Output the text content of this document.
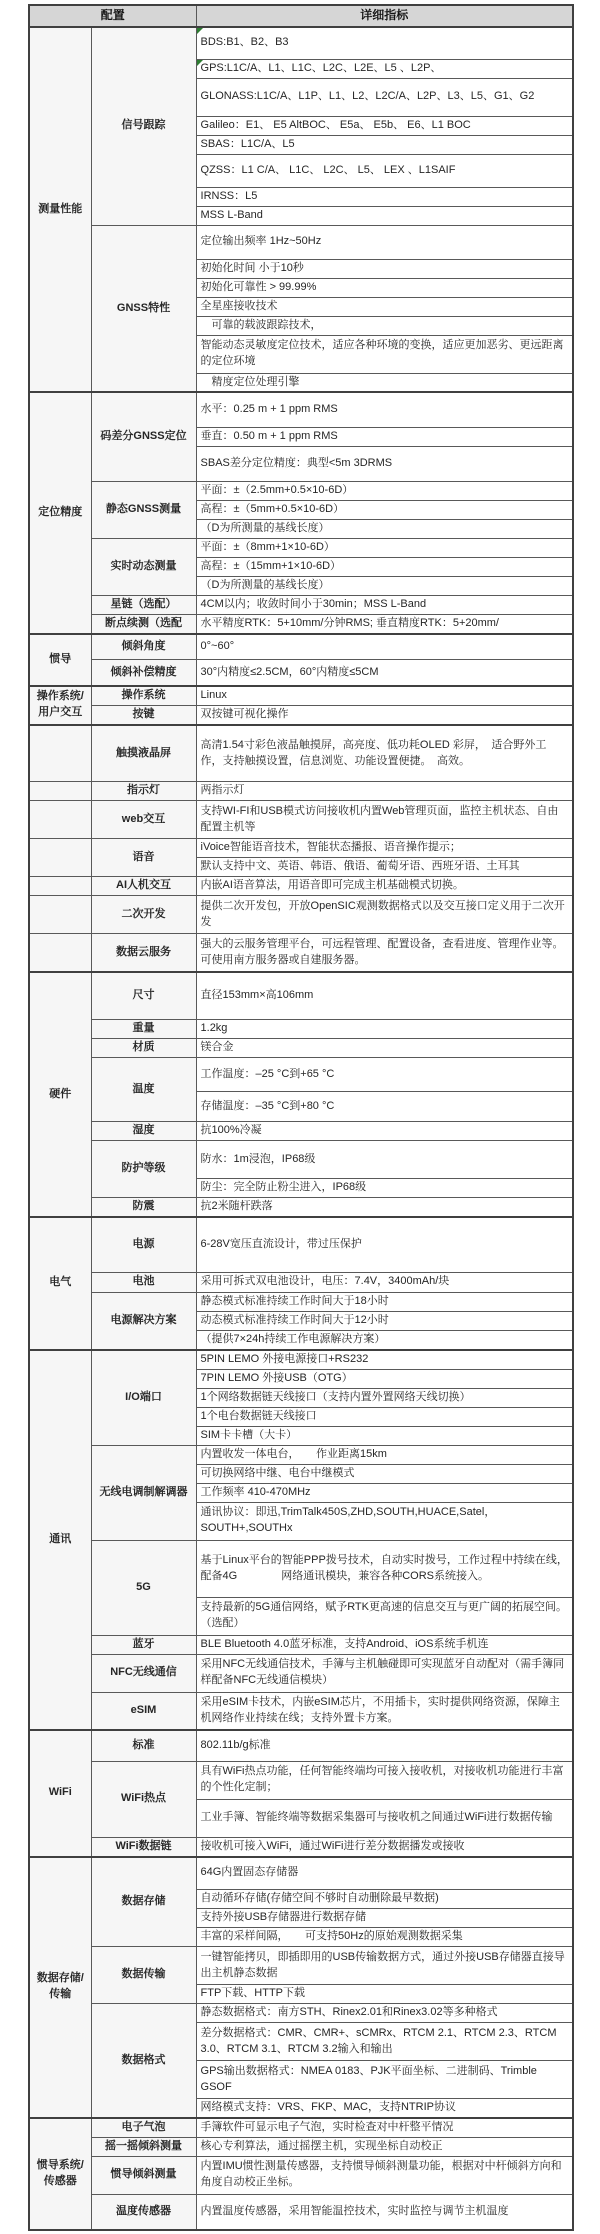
配置		详细指标
测量性能	信号跟踪	BDS:B1、B2、B3
		GPS:L1C/A、L1、L1C、L2C、L2E、L5 、L2P、
		GLONASS:L1C/A、L1P、L1、L2、L2C/A、L2P、L3、L5、G1、G2
		Galileo：E1、 E5 AltBOC、 E5a、 E5b、 E6、L1 BOC
		SBAS：L1C/A、L5
		QZSS：L1 C/A、 L1C、 L2C、 L5、 LEX 、L1SAIF
		IRNSS：L5
		MSS L-Band
	GNSS特性	定位输出频率 1Hz~50Hz
		初始化时间 小于10秒
		初始化可靠性 > 99.99%
		全星座接收技术
		　可靠的载波跟踪技术，
		智能动态灵敏度定位技术，适应各种环境的变换，适应更加恶劣、更远距离的定位环境
		　精度定位处理引擎
定位精度	码差分GNSS定位	水平：0.25 m + 1 ppm RMS
		垂直：0.50 m + 1 ppm RMS
		SBAS差分定位精度：典型<5m 3DRMS
	静态GNSS测量	平面：±（2.5mm+0.5×10-6D）
		高程：±（5mm+0.5×10-6D）
		（D为所测量的基线长度）
	实时动态测量	平面：±（8mm+1×10-6D）
		高程：±（15mm+1×10-6D）
		（D为所测量的基线长度）
	星链（选配）	4CM以内；收敛时间小于30min；MSS L-Band
	断点续测（选配	水平精度RTK：5+10mm/分钟RMS; 垂直精度RTK：5+20mm/
惯导	倾斜角度	0°~60°
	倾斜补偿精度	30°内精度≤2.5CM，60°内精度≤5CM
操作系统/用户交互	操作系统	Linux
	按键	双按键可视化操作
	触摸液晶屏	高清1.54寸彩色液晶触摸屏，高亮度、低功耗OLED 彩屏，　适合野外工作，支持触摸设置，信息浏览、功能设置便捷。　高效。
	指示灯	两指示灯
	web交互	支持WI-FI和USB模式访问接收机内置Web管理页面，监控主机状态、自由配置主机等
	语音	iVoice智能语音技术，智能状态播报、语音操作提示；
		默认支持中文、英语、韩语、俄语、葡萄牙语、西班牙语、土耳其
	AI人机交互	内嵌AI语音算法，用语音即可完成主机基础模式切换。
	二次开发	提供二次开发包，开放OpenSIC观测数据格式以及交互接口定义用于二次开发
	数据云服务	强大的云服务管理平台，可远程管理、配置设备，查看进度、管理作业等。可使用南方服务器或自建服务器。
硬件	尺寸	直径153mm×高106mm
	重量	1.2kg
	材质	镁合金
	温度	工作温度：–25 °C到+65 °C
		存储温度：–35 °C到+80 °C
	湿度	抗100%冷凝
	防护等级	防水：1m浸泡，IP68级
		防尘：完全防止粉尘进入，IP68级
	防震	抗2米随杆跌落
电气	电源	6-28V宽压直流设计，带过压保护
	电池	采用可拆式双电池设计，电压：7.4V，3400mAh/块
	电源解决方案	静态模式标准持续工作时间大于18小时
		动态模式标准持续工作时间大于12小时
		（提供7×24h持续工作电源解决方案）
通讯	I/O端口	5PIN LEMO 外接电源接口+RS232
		7PIN LEMO 外接USB（OTG）
		1个网络数据链天线接口（支持内置外置网络天线切换）
		1个电台数据链天线接口
		SIM卡卡槽（大卡）
	无线电调制解调器	内置收发一体电台，　　作业距离15km
		可切换网络中继、电台中继模式
		工作频率 410-470MHz
		通讯协议：即迅,TrimTalk450S,ZHD,SOUTH,HUACE,Satel，SOUTH+,SOUTHx
	5G	基于Linux平台的智能PPP拨号技术，自动实时拨号，工作过程中持续在线，配备4G　　　　网络通讯模块，兼容各种CORS系统接入。
		支持最新的5G通信网络，赋予RTK更高速的信息交互与更广阔的拓展空间。（选配）
	蓝牙	BLE Bluetooth 4.0蓝牙标准，支持Android、iOS系统手机连
	NFC无线通信	采用NFC无线通信技术，手簿与主机触碰即可实现蓝牙自动配对（需手簿同样配备NFC无线通信模块）
	eSIM	采用eSIM卡技术，内嵌eSIM芯片，不用插卡，实时提供网络资源，保障主机网络作业持续在线；支持外置卡方案。
WiFi	标准	802.11b/g标准
	WiFi热点	具有WiFi热点功能，任何智能终端均可接入接收机，对接收机功能进行丰富的个性化定制；
		工业手簿、智能终端等数据采集器可与接收机之间通过WiFi进行数据传输
	WiFi数据链	接收机可接入WiFi，通过WiFi进行差分数据播发或接收
数据存储/传输	数据存储	64G内置固态存储器
		自动循环存储(存储空间不够时自动删除最早数据)
		支持外接USB存储器进行数据存储
		丰富的采样间隔，　　可支持50Hz的原始观测数据采集
	数据传输	一键智能拷贝，即插即用的USB传输数据方式，通过外接USB存储器直接导出主机静态数据
		FTP下载、HTTP下载
	数据格式	静态数据格式：南方STH、Rinex2.01和Rinex3.02等多种格式
		差分数据格式：CMR、CMR+、sCMRx、RTCM 2.1、RTCM 2.3、RTCM 3.0、RTCM 3.1、RTCM 3.2输入和输出
		GPS输出数据格式：NMEA 0183、PJK平面坐标、二进制码、Trimble GSOF
		网络模式支持：VRS、FKP、MAC，支持NTRIP协议
惯导系统/传感器	电子气泡	手簿软件可显示电子气泡，实时检查对中杆整平情况
	摇一摇倾斜测量	核心专利算法，通过摇摆主机，实现坐标自动校正
	惯导倾斜测量	内置IMU惯性测量传感器，支持惯导倾斜测量功能，根据对中杆倾斜方向和角度自动校正坐标。
	温度传感器	内置温度传感器，采用智能温控技术，实时监控与调节主机温度
